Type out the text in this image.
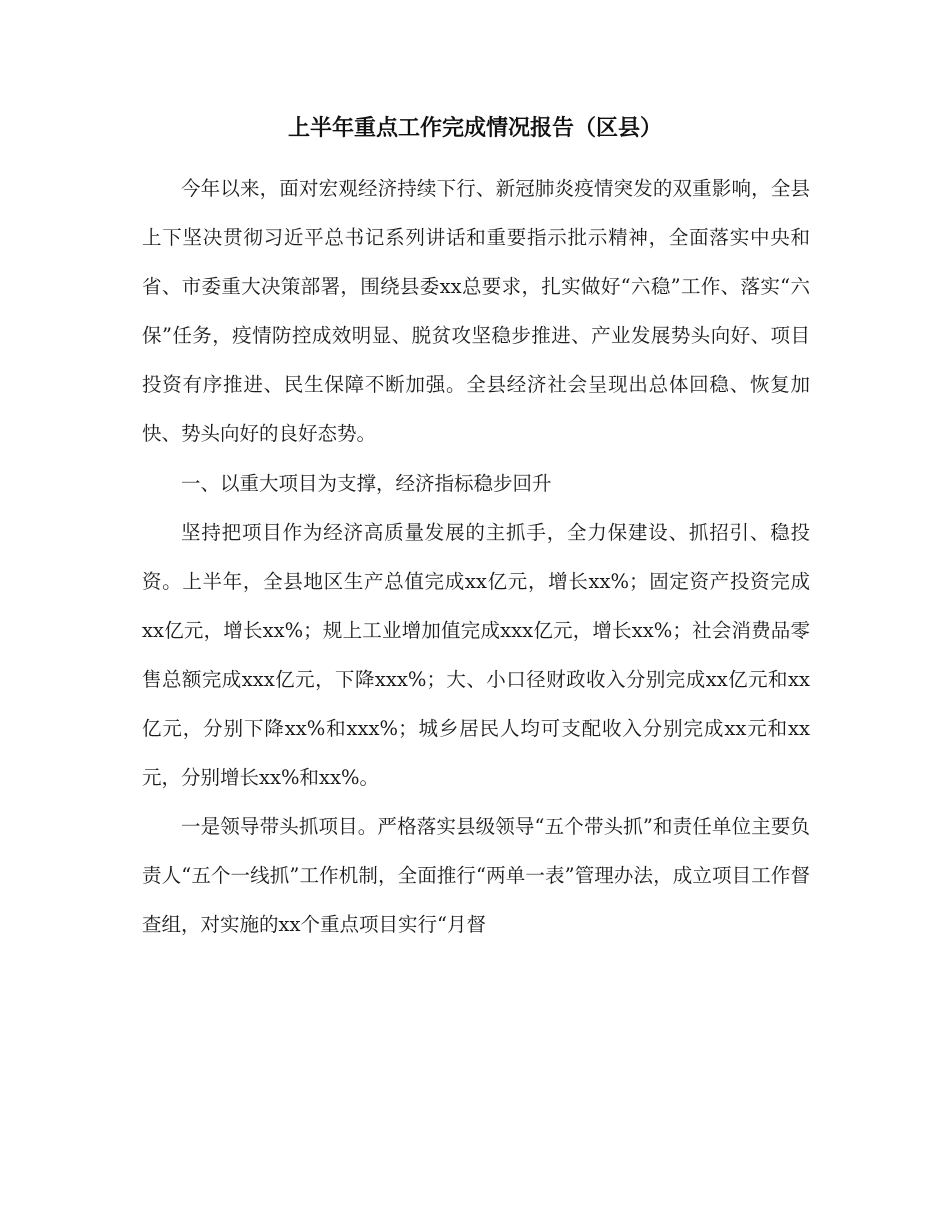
上半年重点工作完成情况报告（区县）

今年以来，面对宏观经济持续下行、新冠肺炎疫情突发的双重影响，全县上下坚决贯彻习近平总书记系列讲话和重要指示批示精神，全面落实中央和省、市委重大决策部署，围绕县委xx总要求，扎实做好“六稳”工作、落实“六保”任务，疫情防控成效明显、脱贫攻坚稳步推进、产业发展势头向好、项目投资有序推进、民生保障不断加强。全县经济社会呈现出总体回稳、恢复加快、势头向好的良好态势。

一、以重大项目为支撑，经济指标稳步回升

坚持把项目作为经济高质量发展的主抓手，全力保建设、抓招引、稳投资。上半年，全县地区生产总值完成xx亿元，增长xx%；固定资产投资完成xx亿元，增长xx%；规上工业增加值完成xxx亿元，增长xx%；社会消费品零售总额完成xxx亿元，下降xxx%；大、小口径财政收入分别完成xx亿元和xx亿元，分别下降xx%和xxx%；城乡居民人均可支配收入分别完成xx元和xx元，分别增长xx%和xx%。

一是领导带头抓项目。严格落实县级领导“五个带头抓”和责任单位主要负责人“五个一线抓”工作机制，全面推行“两单一表”管理办法，成立项目工作督查组，对实施的xx个重点项目实行“月督
